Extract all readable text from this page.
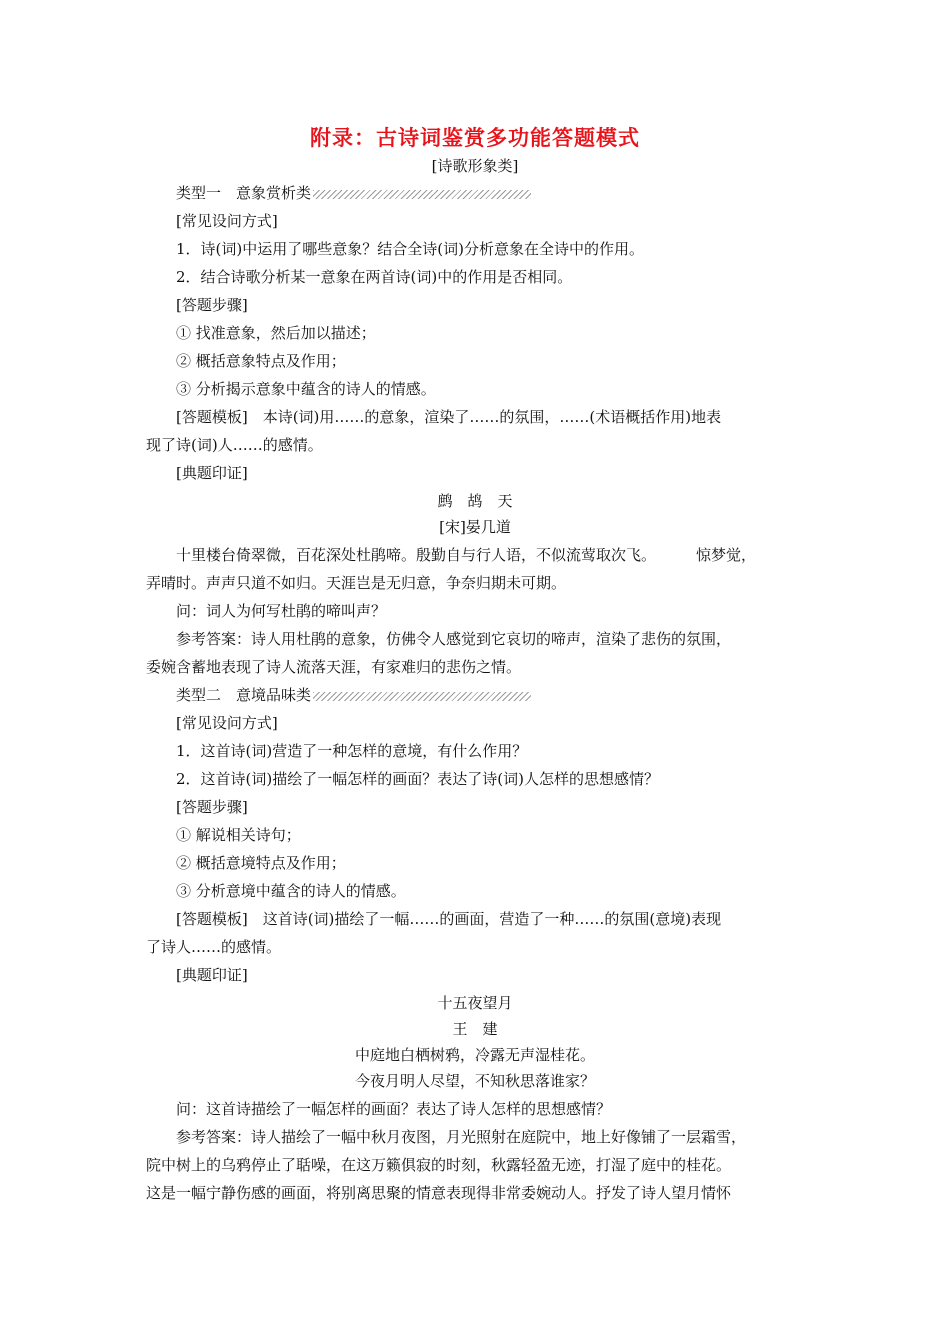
附录：古诗词鉴赏多功能答题模式
[诗歌形象类]
类型一　意象赏析类
[常见设问方式]
1．诗(词)中运用了哪些意象？结合全诗(词)分析意象在全诗中的作用。
2．结合诗歌分析某一意象在两首诗(词)中的作用是否相同。
[答题步骤]
① 找准意象，然后加以描述；
② 概括意象特点及作用；
③ 分析揭示意象中蕴含的诗人的情感。
[答题模板]　本诗(词)用……的意象，渲染了……的氛围，……(术语概括作用)地表
现了诗(词)人……的感情。
[典题印证]
鹧　鸪　天
[宋]晏几道
十里楼台倚翠微，百花深处杜鹃啼。殷勤自与行人语，不似流莺取次飞。	惊梦觉，
弄晴时。声声只道不如归。天涯岂是无归意，争奈归期未可期。
问：词人为何写杜鹃的啼叫声？
参考答案：诗人用杜鹃的意象，仿佛令人感觉到它哀切的啼声，渲染了悲伤的氛围，
委婉含蓄地表现了诗人流落天涯，有家难归的悲伤之情。
类型二　意境品味类
[常见设问方式]
1．这首诗(词)营造了一种怎样的意境，有什么作用？
2．这首诗(词)描绘了一幅怎样的画面？表达了诗(词)人怎样的思想感情？
[答题步骤]
① 解说相关诗句；
② 概括意境特点及作用；
③ 分析意境中蕴含的诗人的情感。
[答题模板]　这首诗(词)描绘了一幅……的画面，营造了一种……的氛围(意境)表现
了诗人……的感情。
[典题印证]
十五夜望月
王　建
中庭地白栖树鸦，冷露无声湿桂花。
今夜月明人尽望，不知秋思落谁家？
问：这首诗描绘了一幅怎样的画面？表达了诗人怎样的思想感情？
参考答案：诗人描绘了一幅中秋月夜图，月光照射在庭院中，地上好像铺了一层霜雪，
院中树上的乌鸦停止了聒噪，在这万籁俱寂的时刻，秋露轻盈无迹，打湿了庭中的桂花。
这是一幅宁静伤感的画面，将别离思聚的情意表现得非常委婉动人。抒发了诗人望月情怀
